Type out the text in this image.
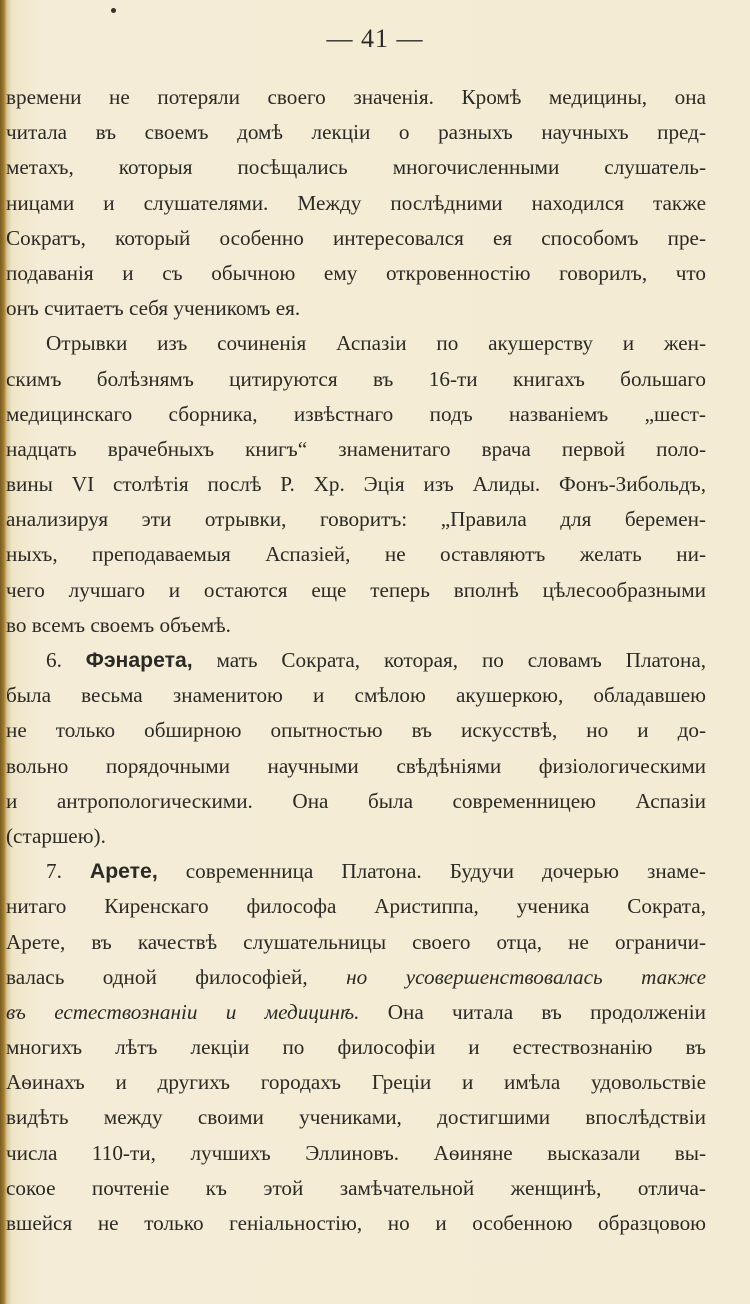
— 41 —

времени не потеряли своего значенія. Кромѣ медицины, она
читала въ своемъ домѣ лекціи о разныхъ научныхъ пред-
метахъ, которыя посѣщались многочисленными слушатель-
ницами и слушателями. Между послѣдними находился также
Сократъ, который особенно интересовался ея способомъ пре-
подаванія и съ обычною ему откровенностію говорилъ, что
онъ считаетъ себя ученикомъ ея.

Отрывки изъ сочиненія Аспазіи по акушерству и жен-
скимъ болѣзнямъ цитируются въ 16-ти книгахъ большаго
медицинскаго сборника, извѣстнаго подъ названіемъ „шест-
надцать врачебныхъ книгъ“ знаменитаго врача первой поло-
вины VI столѣтія послѣ Р. Хр. Эція изъ Алиды. Фонъ-Зибольдъ,
анализируя эти отрывки, говоритъ: „Правила для беремен-
ныхъ, преподаваемыя Аспазіей, не оставляютъ желать ни-
чего лучшаго и остаются еще теперь вполнѣ цѣлесообразными
во всемъ своемъ объемѣ.

6. Фэнарета, мать Сократа, которая, по словамъ Платона,
была весьма знаменитою и смѣлою акушеркою, обладавшею
не только обширною опытностью въ искусствѣ, но и до-
вольно порядочными научными свѣдѣніями физіологическими
и антропологическими. Она была современницею Аспазіи
(старшею).

7. Арете, современница Платона. Будучи дочерью знаме-
нитаго Киренскаго философа Аристиппа, ученика Сократа,
Арете, въ качествѣ слушательницы своего отца, не ограничи-
валась одной философіей, но усовершенствовалась также
въ естествознаніи и медицинѣ. Она читала въ продолженіи
многихъ лѣтъ лекціи по философіи и естествознанію въ
Аѳинахъ и другихъ городахъ Греціи и имѣла удовольствіе
видѣть между своими учениками, достигшими впослѣдствіи
числа 110-ти, лучшихъ Эллиновъ. Аѳиняне высказали вы-
сокое почтеніе къ этой замѣчательной женщинѣ, отлича-
вшейся не только геніальностію, но и особенною образцовою
